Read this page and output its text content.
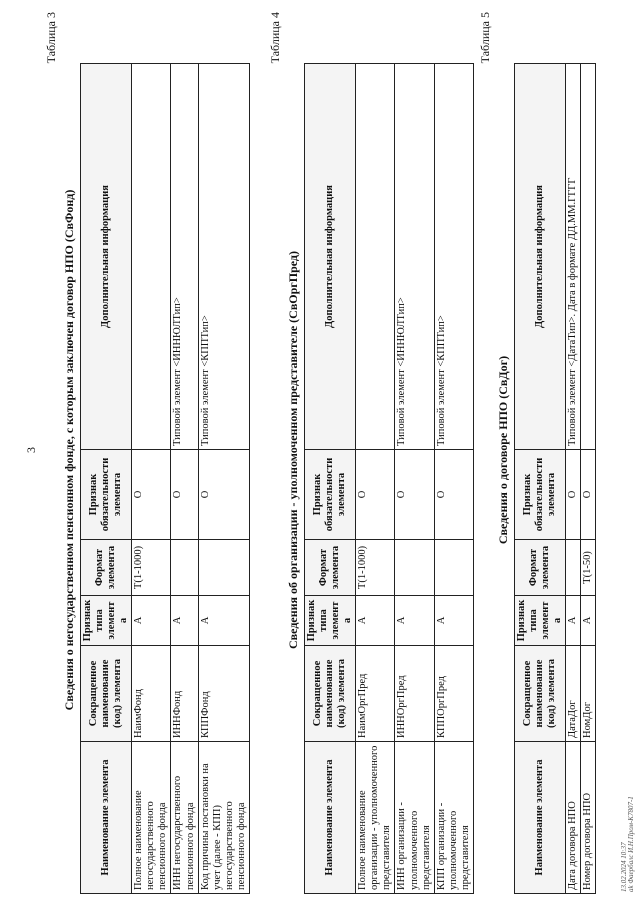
3
Таблица 3
Сведения о негосударственном пенсионном фонде, с которым заключен договор НПО (СвФонд)
Наименование элемента	Сокращенное наименование (код) элемента	Признак типа элемента	Формат элемента	Признак обязательности элемента	Дополнительная информация
Полное наименование негосударственного пенсионного фонда	НаимФонд	А	T(1-1000)	О	
ИНН негосударственного пенсионного фонда	ИННФонд	А		О	Типовой элемент <ИННЮЛТип>
Код причины постановки на учет (далее - КПП) негосударственного пенсионного фонда	КППФонд	А		О	Типовой элемент <КППТип>
Таблица 4
Сведения об организации - уполномоченном представителе (СвОргПред)
Наименование элемента	Сокращенное наименование (код) элемента	Признак типа элемента	Формат элемента	Признак обязательности элемента	Дополнительная информация
Полное наименование организации - уполномоченного представителя	НаимОргПред	А	T(1-1000)	О	
ИНН организации - уполномоченного представителя	ИННОргПред	А		О	Типовой элемент <ИННЮЛТип>
КПП организации - уполномоченного представителя	КППОргПред	А		О	Типовой элемент <КППТип>
Таблица 5
Сведения о договоре НПО (СвДог)
Наименование элемента	Сокращенное наименование (код) элемента	Признак типа элемента	Формат элемента	Признак обязательности элемента	Дополнительная информация
Дата договора НПО	ДатаДог	А		О	Типовой элемент <ДатаТип>. Дата в формате ДД.ММ.ГГГГ
Номер договора НПО	НомДог	А	T(1-50)	О	
13.02.2024 10:37 ak Фаербалс И.Н.Пром-К7807-1
